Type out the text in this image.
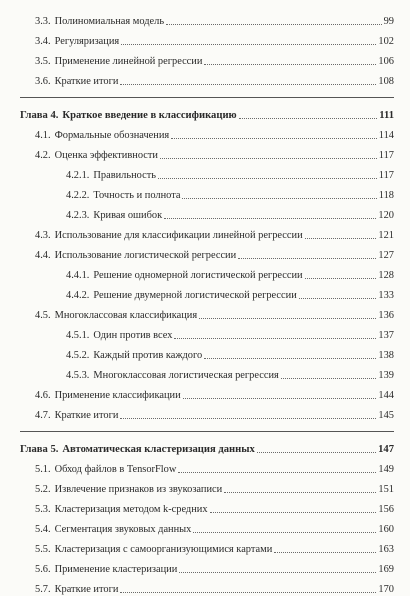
3.3. Полиномиальная модель	99
3.4. Регуляризация	102
3.5. Применение линейной регрессии	106
3.6. Краткие итоги	108
Глава 4. Краткое введение в классификацию	111
4.1. Формальные обозначения	114
4.2. Оценка эффективности	117
4.2.1. Правильность	117
4.2.2. Точность и полнота	118
4.2.3. Кривая ошибок	120
4.3. Использование для классификации линейной регрессии	121
4.4. Использование логистической регрессии	127
4.4.1. Решение одномерной логистической регрессии	128
4.4.2. Решение двумерной логистической регрессии	133
4.5. Многоклассовая классификация	136
4.5.1. Один против всех	137
4.5.2. Каждый против каждого	138
4.5.3. Многоклассовая логистическая регрессия	139
4.6. Применение классификации	144
4.7. Краткие итоги	145
Глава 5. Автоматическая кластеризация данных	147
5.1. Обход файлов в TensorFlow	149
5.2. Извлечение признаков из звукозаписи	151
5.3. Кластеризация методом k-средних	156
5.4. Сегментация звуковых данных	160
5.5. Кластеризация с самоорганизующимися картами	163
5.6. Применение кластеризации	169
5.7. Краткие итоги	170
